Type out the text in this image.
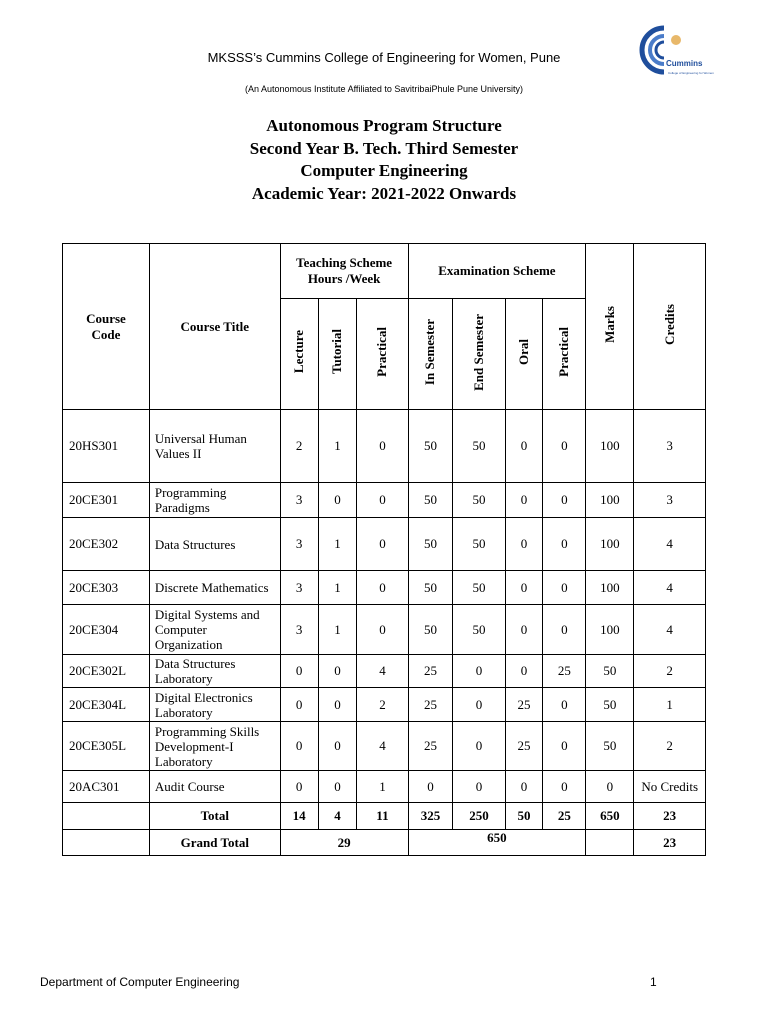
MKSSS’s Cummins College of Engineering for Women, Pune
(An Autonomous Institute Affiliated to SavitribaiPhule Pune University)
Cummins
College of Engineering for Women
Autonomous Program Structure
Second Year B. Tech. Third Semester
Computer Engineering
Academic Year: 2021-2022 Onwards
Course Code	Course Title	Teaching Scheme Hours /Week			Examination Scheme				Marks	Credits
		Lecture	Tutorial	Practical	In Semester	End Semester	Oral	Practical		
20HS301	Universal Human Values II	2	1	0	50	50	0	0	100	3
20CE301	Programming Paradigms	3	0	0	50	50	0	0	100	3
20CE302	Data Structures	3	1	0	50	50	0	0	100	4
20CE303	Discrete Mathematics	3	1	0	50	50	0	0	100	4
20CE304	Digital Systems and Computer Organization	3	1	0	50	50	0	0	100	4
20CE302L	Data Structures Laboratory	0	0	4	25	0	0	25	50	2
20CE304L	Digital Electronics Laboratory	0	0	2	25	0	25	0	50	1
20CE305L	Programming Skills Development-I Laboratory	0	0	4	25	0	25	0	50	2
20AC301	Audit Course	0	0	1	0	0	0	0	0	No Credits
	Total	14	4	11	325	250	50	25	650	23
	Grand Total	29			650					23
Department of Computer Engineering	1
